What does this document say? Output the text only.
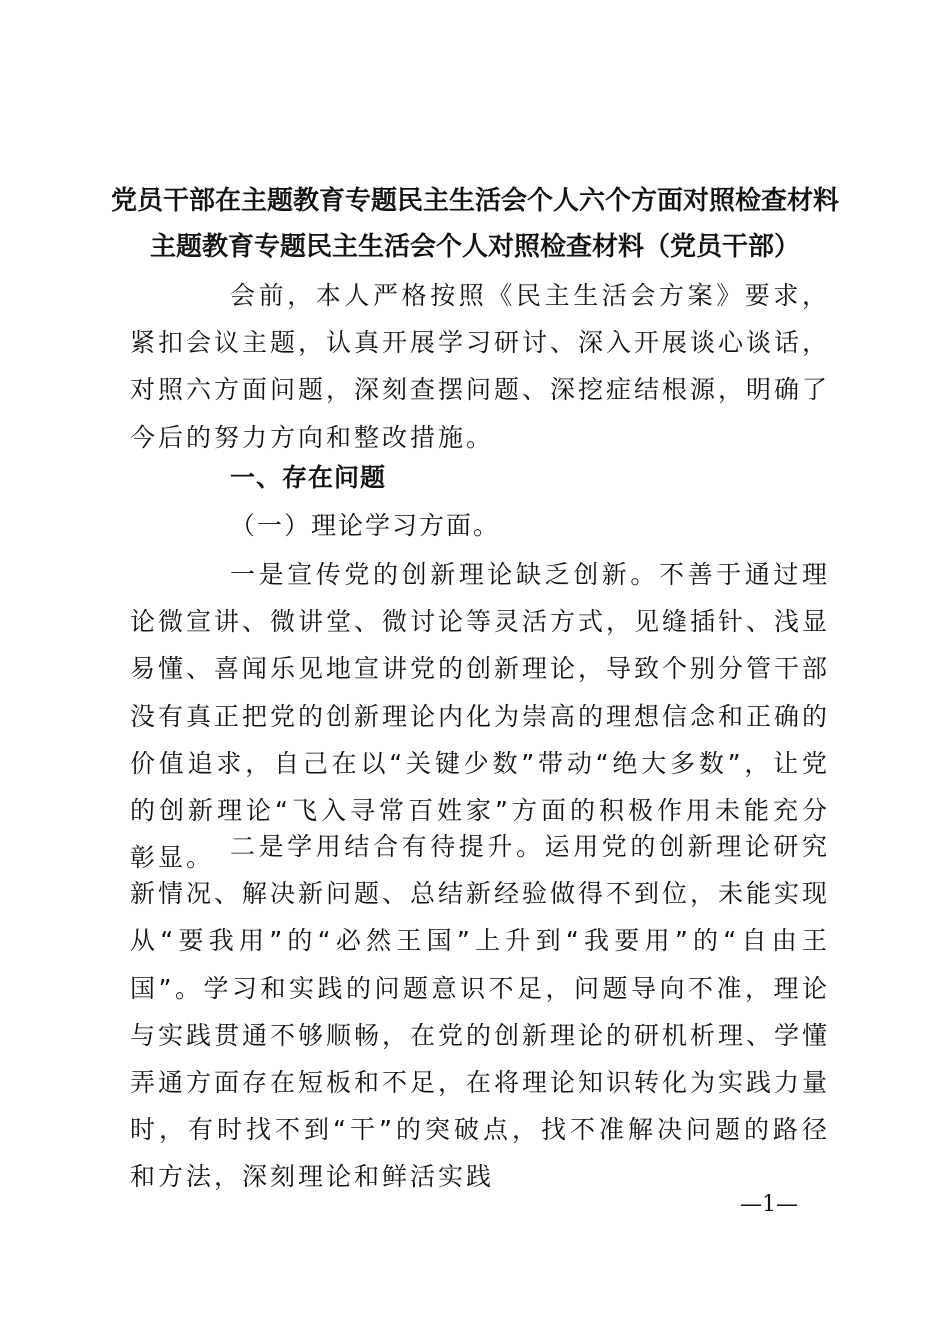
党员干部在主题教育专题民主生活会个人六个方面对照检查材料
主题教育专题民主生活会个人对照检查材料（党员干部）

会前，本人严格按照《民主生活会方案》要求，紧扣会议主题，认真开展学习研讨、深入开展谈心谈话，对照六方面问题，深刻查摆问题、深挖症结根源，明确了今后的努力方向和整改措施。

一、存在问题
（一）理论学习方面。

一是宣传党的创新理论缺乏创新。不善于通过理论微宣讲、微讲堂、微讨论等灵活方式，见缝插针、浅显易懂、喜闻乐见地宣讲党的创新理论，导致个别分管干部没有真正把党的创新理论内化为崇高的理想信念和正确的价值追求，自己在以“关键少数”带动“绝大多数”，让党的创新理论“飞入寻常百姓家”方面的积极作用未能充分彰显。 二是学用结合有待提升。运用党的创新理论研究新情况、解决新问题、总结新经验做得不到位，未能实现从“要我用”的“必然王国”上升到“我要用”的“自由王国”。学习和实践的问题意识不足，问题导向不准，理论与实践贯通不够顺畅，在党的创新理论的研机析理、学懂弄通方面存在短板和不足，在将理论知识转化为实践力量时，有时找不到“干”的突破点，找不准解决问题的路径和方法，深刻理论和鲜活实践

—1—
